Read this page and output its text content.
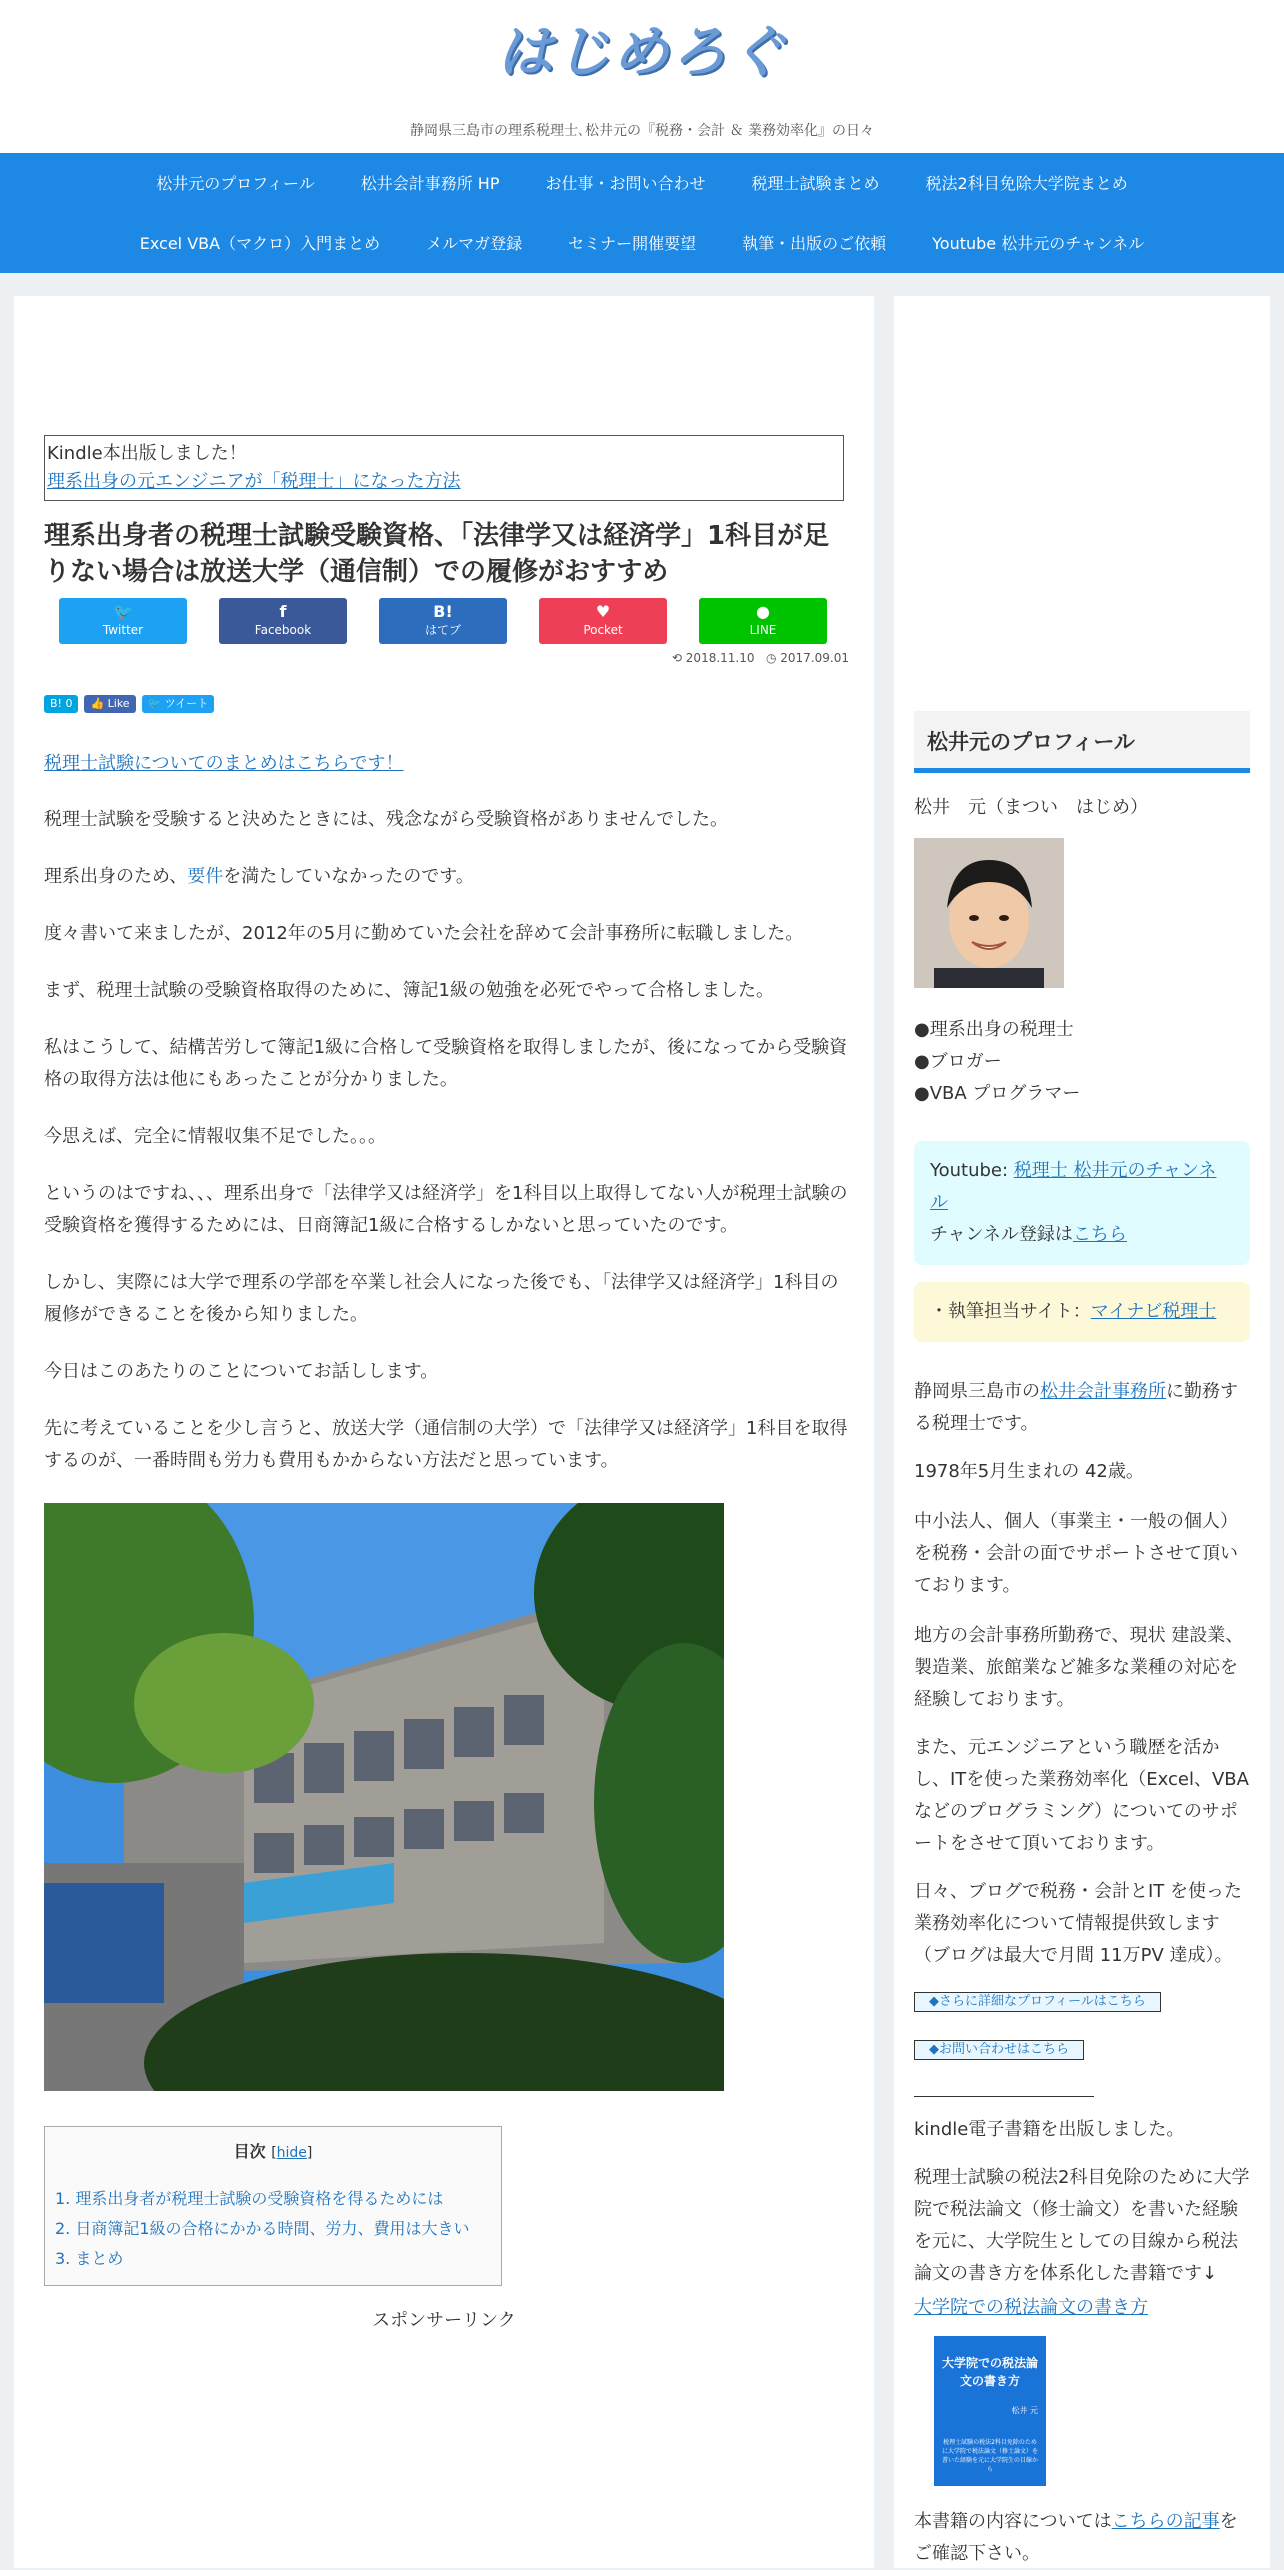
はじめろぐ
静岡県三島市の理系税理士､松井元の『税務・会計 ＆ 業務効率化』の日々
松井元のプロフィール	松井会計事務所 HP	お仕事・お問い合わせ	税理士試験まとめ	税法2科目免除大学院まとめ
Excel VBA（マクロ）入門まとめ	メルマガ登録	セミナー開催要望	執筆・出版のご依頼	Youtube 松井元のチャンネル
Kindle本出版しました！
理系出身の元エンジニアが「税理士」になった方法
理系出身者の税理士試験受験資格、「法律学又は経済学」1科目が足りない場合は放送大学（通信制）での履修がおすすめ
🐦
Twitter
f
Facebook
B!
はてブ
♥
Pocket
●
LINE
⟲ 2018.11.10 ◷ 2017.09.01
B! 0	👍 Like	🐦 ツイート
税理士試験についてのまとめはこちらです！

税理士試験を受験すると決めたときには、残念ながら受験資格がありませんでした。

理系出身のため、要件を満たしていなかったのです。

度々書いて来ましたが、2012年の5月に勤めていた会社を辞めて会計事務所に転職しました。

まず、税理士試験の受験資格取得のために、簿記1級の勉強を必死でやって合格しました。

私はこうして、結構苦労して簿記1級に合格して受験資格を取得しましたが、後になってから受験資格の取得方法は他にもあったことが分かりました。

今思えば、完全に情報収集不足でした。。。

というのはですね、、、理系出身で「法律学又は経済学」を1科目以上取得してない人が税理士試験の受験資格を獲得するためには、日商簿記1級に合格するしかないと思っていたのです。

しかし、実際には大学で理系の学部を卒業し社会人になった後でも、「法律学又は経済学」1科目の履修ができることを後から知りました。

今日はこのあたりのことについてお話しします。

先に考えていることを少し言うと、放送大学（通信制の大学）で「法律学又は経済学」1科目を取得するのが、一番時間も労力も費用もかからない方法だと思っています。

目次 [hide]
1. 理系出身者が税理士試験の受験資格を得るためには
2. 日商簿記1級の合格にかかる時間、労力、費用は大きい
3. まとめ
スポンサーリンク
松井元のプロフィール
松井　元（まつい　はじめ）
●理系出身の税理士
●ブロガー
●VBA プログラマー
Youtube: 税理士 松井元のチャンネル
チャンネル登録はこちら
・執筆担当サイト：マイナビ税理士
静岡県三島市の松井会計事務所に勤務する税理士です。
1978年5月生まれの 42歳。
中小法人、個人（事業主・一般の個人）を税務・会計の面でサポートさせて頂いております。
地方の会計事務所勤務で、現状 建設業、製造業、旅館業など雑多な業種の対応を経験しております。
また、元エンジニアという職歴を活かし、ITを使った業務効率化（Excel、VBAなどのプログラミング）についてのサポートをさせて頂いております。
日々、ブログで税務・会計とIT を使った業務効率化について情報提供致します（ブログは最大で月間 11万PV 達成）。
◆さらに詳細なプロフィールはこちら
◆お問い合わせはこちら
kindle電子書籍を出版しました。
税理士試験の税法2科目免除のために大学院で税法論文（修士論文）を書いた経験を元に、大学院生としての目線から税法論文の書き方を体系化した書籍です↓
大学院での税法論文の書き方
大学院での税法論文の書き方
松井 元
税理士試験の税法2科目免除のために大学院で税法論文（修士論文）を書いた経験を元に大学院生の目線から
本書籍の内容についてはこちらの記事をご確認下さい。
